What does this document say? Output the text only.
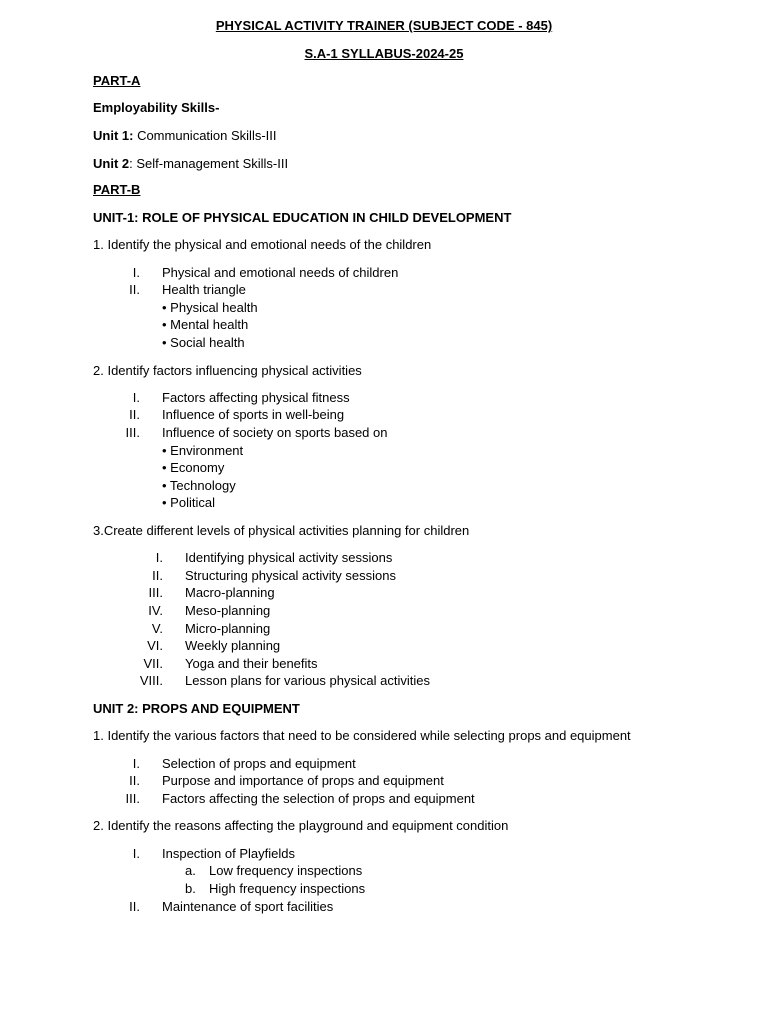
PHYSICAL ACTIVITY TRAINER (SUBJECT CODE - 845)
S.A-1 SYLLABUS-2024-25
PART-A
Employability Skills-
Unit 1: Communication Skills-III
Unit 2: Self-management Skills-III
PART-B
UNIT-1: ROLE OF PHYSICAL EDUCATION IN CHILD DEVELOPMENT
1. Identify the physical and emotional needs of the children
I. Physical and emotional needs of children
II. Health triangle
• Physical health
• Mental health
• Social health
2. Identify factors influencing physical activities
I. Factors affecting physical fitness
II. Influence of sports in well-being
III. Influence of society on sports based on
• Environment
• Economy
• Technology
• Political
3.Create different levels of physical activities planning for children
I. Identifying physical activity sessions
II. Structuring physical activity sessions
III. Macro-planning
IV. Meso-planning
V. Micro-planning
VI. Weekly planning
VII. Yoga and their benefits
VIII. Lesson plans for various physical activities
UNIT 2: PROPS AND EQUIPMENT
1. Identify the various factors that need to be considered while selecting props and equipment
I. Selection of props and equipment
II. Purpose and importance of props and equipment
III. Factors affecting the selection of props and equipment
2. Identify the reasons affecting the playground and equipment condition
I. Inspection of Playfields
a. Low frequency inspections
b. High frequency inspections
II. Maintenance of sport facilities
